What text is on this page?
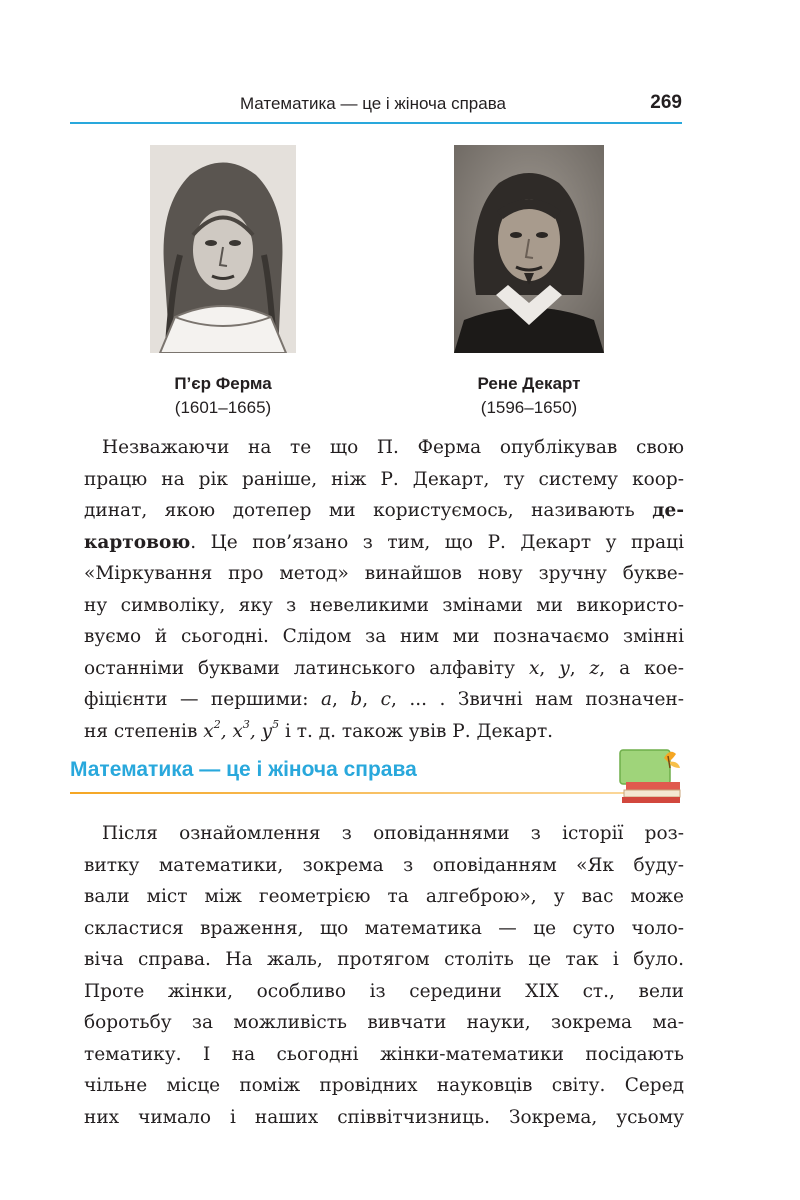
Математика — це і жіноча справа	269
П’єр Ферма
(1601–1665)
Рене Декарт
(1596–1650)
Незважаючи на те що П. Ферма опублікував свою
працю на рік раніше, ніж Р. Декарт, ту систему коор-
динат, якою дотепер ми користуємось, називають де-
картовою. Це пов’язано з тим, що Р. Декарт у праці
«Міркування про метод» винайшов нову зручну букве-
ну символіку, яку з невеликими змінами ми використо-
вуємо й сьогодні. Слідом за ним ми позначаємо змінні
останніми буквами латинського алфавіту x, y, z, а кое-
фіцієнти — першими: a, b, c, ... . Звичні нам позначен-
ня степенів $x^2$, $x^3$, $y^5$ і т. д. також увів Р. Декарт.
Математика — це і жіноча справа
Після ознайомлення з оповіданнями з історії роз-
витку математики, зокрема з оповіданням «Як буду-
вали міст між геометрією та алгеброю», у вас може
скластися враження, що математика — це суто чоло-
віча справа. На жаль, протягом століть це так і було.
Проте жінки, особливо із середини XIX ст., вели
боротьбу за можливість вивчати науки, зокрема ма-
тематику. І на сьогодні жінки-математики посідають
чільне місце поміж провідних науковців світу. Серед
них чимало і наших співвітчизниць. Зокрема, усьому
